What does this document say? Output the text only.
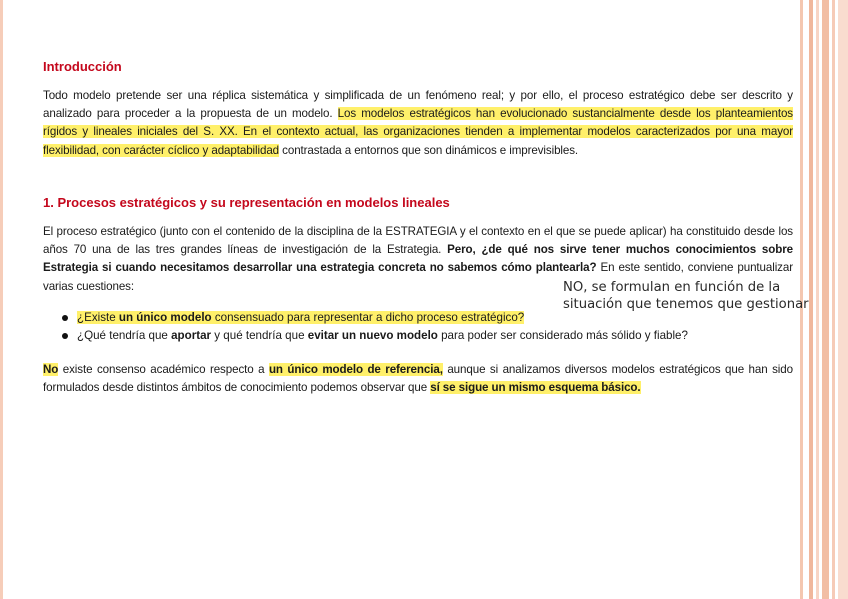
Introducción
Todo modelo pretende ser una réplica sistemática y simplificada de un fenómeno real; y por ello, el proceso estratégico debe ser descrito y analizado para proceder a la propuesta de un modelo. Los modelos estratégicos han evolucionado sustancialmente desde los planteamientos rígidos y lineales iniciales del S. XX. En el contexto actual, las organizaciones tienden a implementar modelos caracterizados por una mayor flexibilidad, con carácter cíclico y adaptabilidad contrastada a entornos que son dinámicos e imprevisibles.
1. Procesos estratégicos y su representación en modelos lineales
El proceso estratégico (junto con el contenido de la disciplina de la ESTRATEGIA y el contexto en el que se puede aplicar) ha constituido desde los años 70 una de las tres grandes líneas de investigación de la Estrategia. Pero, ¿de qué nos sirve tener muchos conocimientos sobre Estrategia si cuando necesitamos desarrollar una estrategia concreta no sabemos cómo plantearla? En este sentido, conviene puntualizar varias cuestiones:
¿Existe un único modelo consensuado para representar a dicho proceso estratégico?
¿Qué tendría que aportar y qué tendría que evitar un nuevo modelo para poder ser considerado más sólido y fiable?
No existe consenso académico respecto a un único modelo de referencia, aunque si analizamos diversos modelos estratégicos que han sido formulados desde distintos ámbitos de conocimiento podemos observar que sí se sigue un mismo esquema básico.
NO, se formulan en función de la
situación que tenemos que gestionar
